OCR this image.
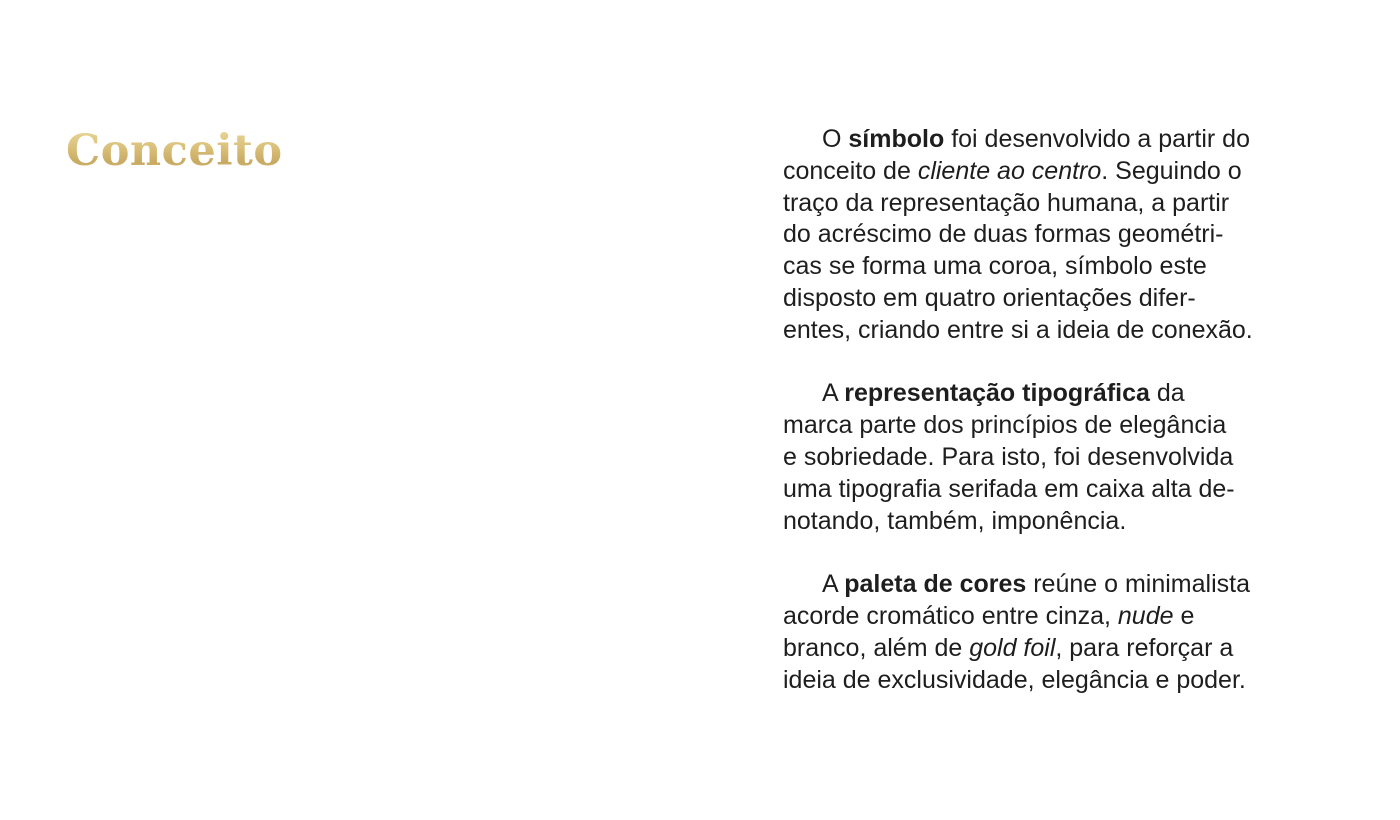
Conceito	O símbolo foi desenvolvido a partir do
conceito de cliente ao centro. Seguindo o
traço da representação humana, a partir
do acréscimo de duas formas geométri-
cas se forma uma coroa, símbolo este
disposto em quatro orientações difer-
entes, criando entre si a ideia de conexão.

A representação tipográfica da
marca parte dos princípios de elegância
e sobriedade. Para isto, foi desenvolvida
uma tipografia serifada em caixa alta de-
notando, também, imponência.

A paleta de cores reúne o minimalista
acorde cromático entre cinza, nude e
branco, além de gold foil, para reforçar a
ideia de exclusividade, elegância e poder.
